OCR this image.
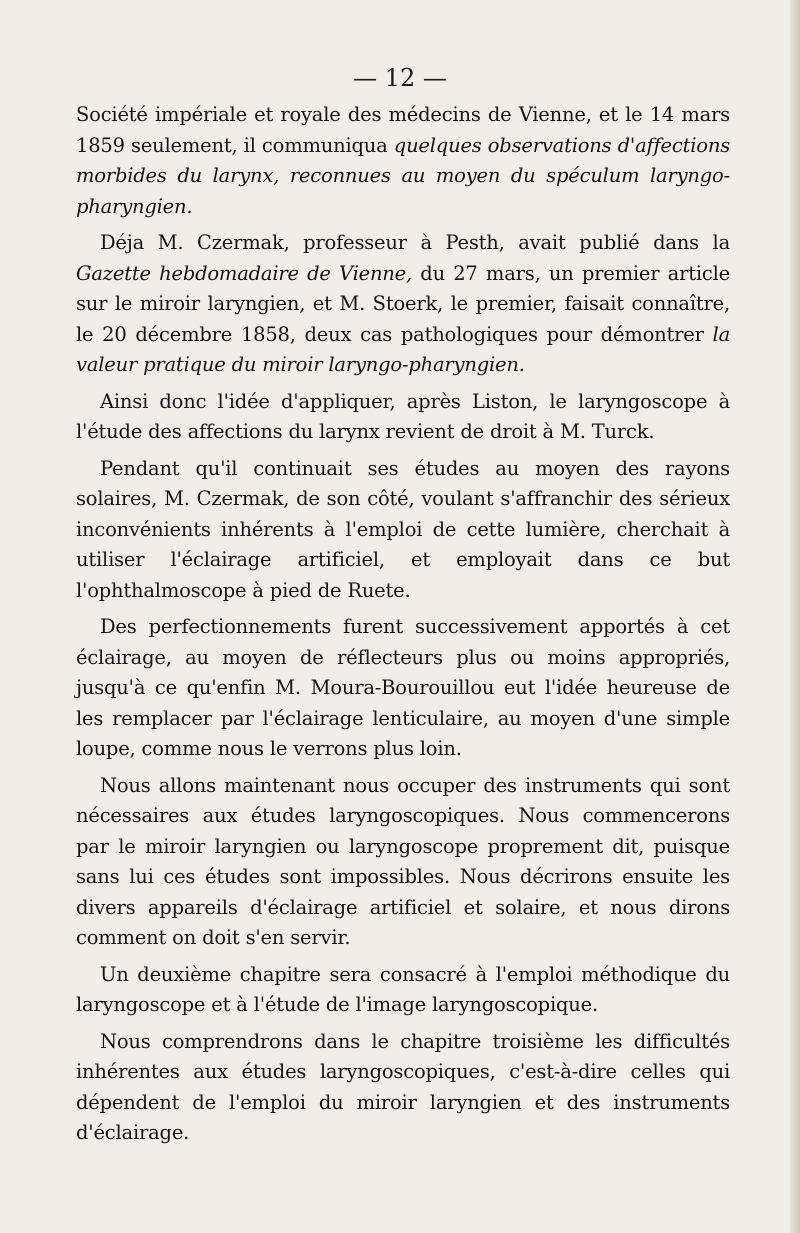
— 12 —

Société impériale et royale des médecins de Vienne, et le 14 mars 1859 seulement, il communiqua quelques observations d'affections morbides du larynx, reconnues au moyen du spéculum laryngo-pharyngien.

Déja M. Czermak, professeur à Pesth, avait publié dans la Gazette hebdomadaire de Vienne, du 27 mars, un premier article sur le miroir laryngien, et M. Stoerk, le premier, faisait connaître, le 20 décembre 1858, deux cas pathologiques pour démontrer la valeur pratique du miroir laryngo-pharyngien.

Ainsi donc l'idée d'appliquer, après Liston, le laryngoscope à l'étude des affections du larynx revient de droit à M. Turck.

Pendant qu'il continuait ses études au moyen des rayons solaires, M. Czermak, de son côté, voulant s'affranchir des sérieux inconvénients inhérents à l'emploi de cette lumière, cherchait à utiliser l'éclairage artificiel, et employait dans ce but l'ophthalmoscope à pied de Ruete.

Des perfectionnements furent successivement apportés à cet éclairage, au moyen de réflecteurs plus ou moins appropriés, jusqu'à ce qu'enfin M. Moura-Bourouillou eut l'idée heureuse de les remplacer par l'éclairage lenticulaire, au moyen d'une simple loupe, comme nous le verrons plus loin.

Nous allons maintenant nous occuper des instruments qui sont nécessaires aux études laryngoscopiques. Nous commencerons par le miroir laryngien ou laryngoscope proprement dit, puisque sans lui ces études sont impossibles. Nous décrirons ensuite les divers appareils d'éclairage artificiel et solaire, et nous dirons comment on doit s'en servir.

Un deuxième chapitre sera consacré à l'emploi méthodique du laryngoscope et à l'étude de l'image laryngoscopique.

Nous comprendrons dans le chapitre troisième les difficultés inhérentes aux études laryngoscopiques, c'est-à-dire celles qui dépendent de l'emploi du miroir laryngien et des instruments d'éclairage.
